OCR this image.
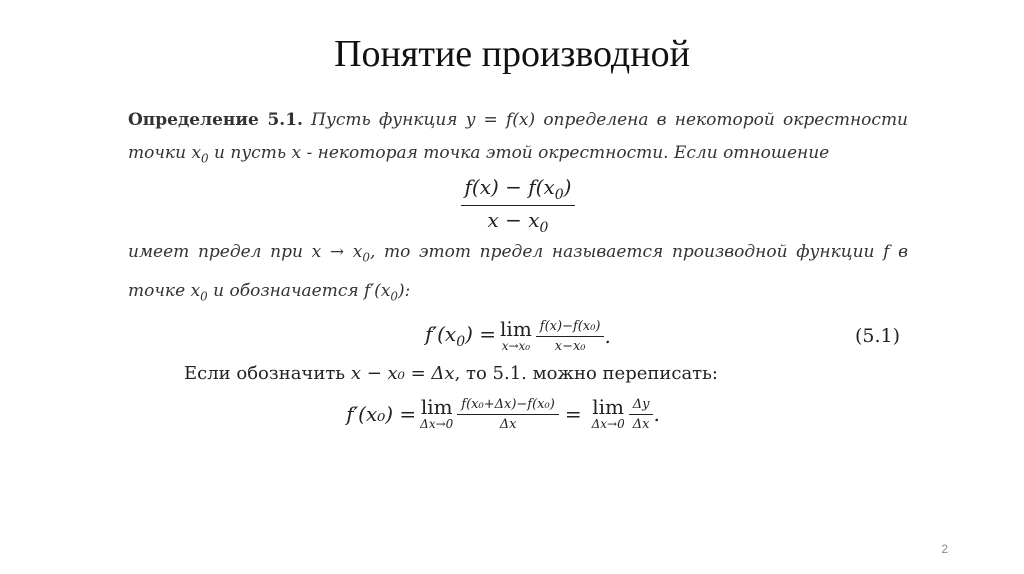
Понятие производной
Определение 5.1. Пусть функция y = f(x) определена в некоторой окрестности точки $x_0$ и пусть x - некоторая точка этой окрестности. Если отношение
$\frac{f(x) - f(x_0)}{x - x_0}$
имеет предел при $x \to x_0$, то этот предел называется производной функции f в точке $x_0$ и обозначается $f'(x_0)$:
$f'(x_0) = \lim$
$x\to x_0 \frac{\text{f(x)−f(x₀)}}{\text{x−x₀}}$ .	(5.1)
Если обозначить x − x₀ = Δx, то 5.1. можно переписать:
f′(x₀) = lim
$\Delta x\to 0 \frac{\text{f(x₀+Δx)−f(x₀)}}{\Delta x} = \lim$
$\Delta x\to 0 \frac{\Delta y}{\Delta x}$ .
2
